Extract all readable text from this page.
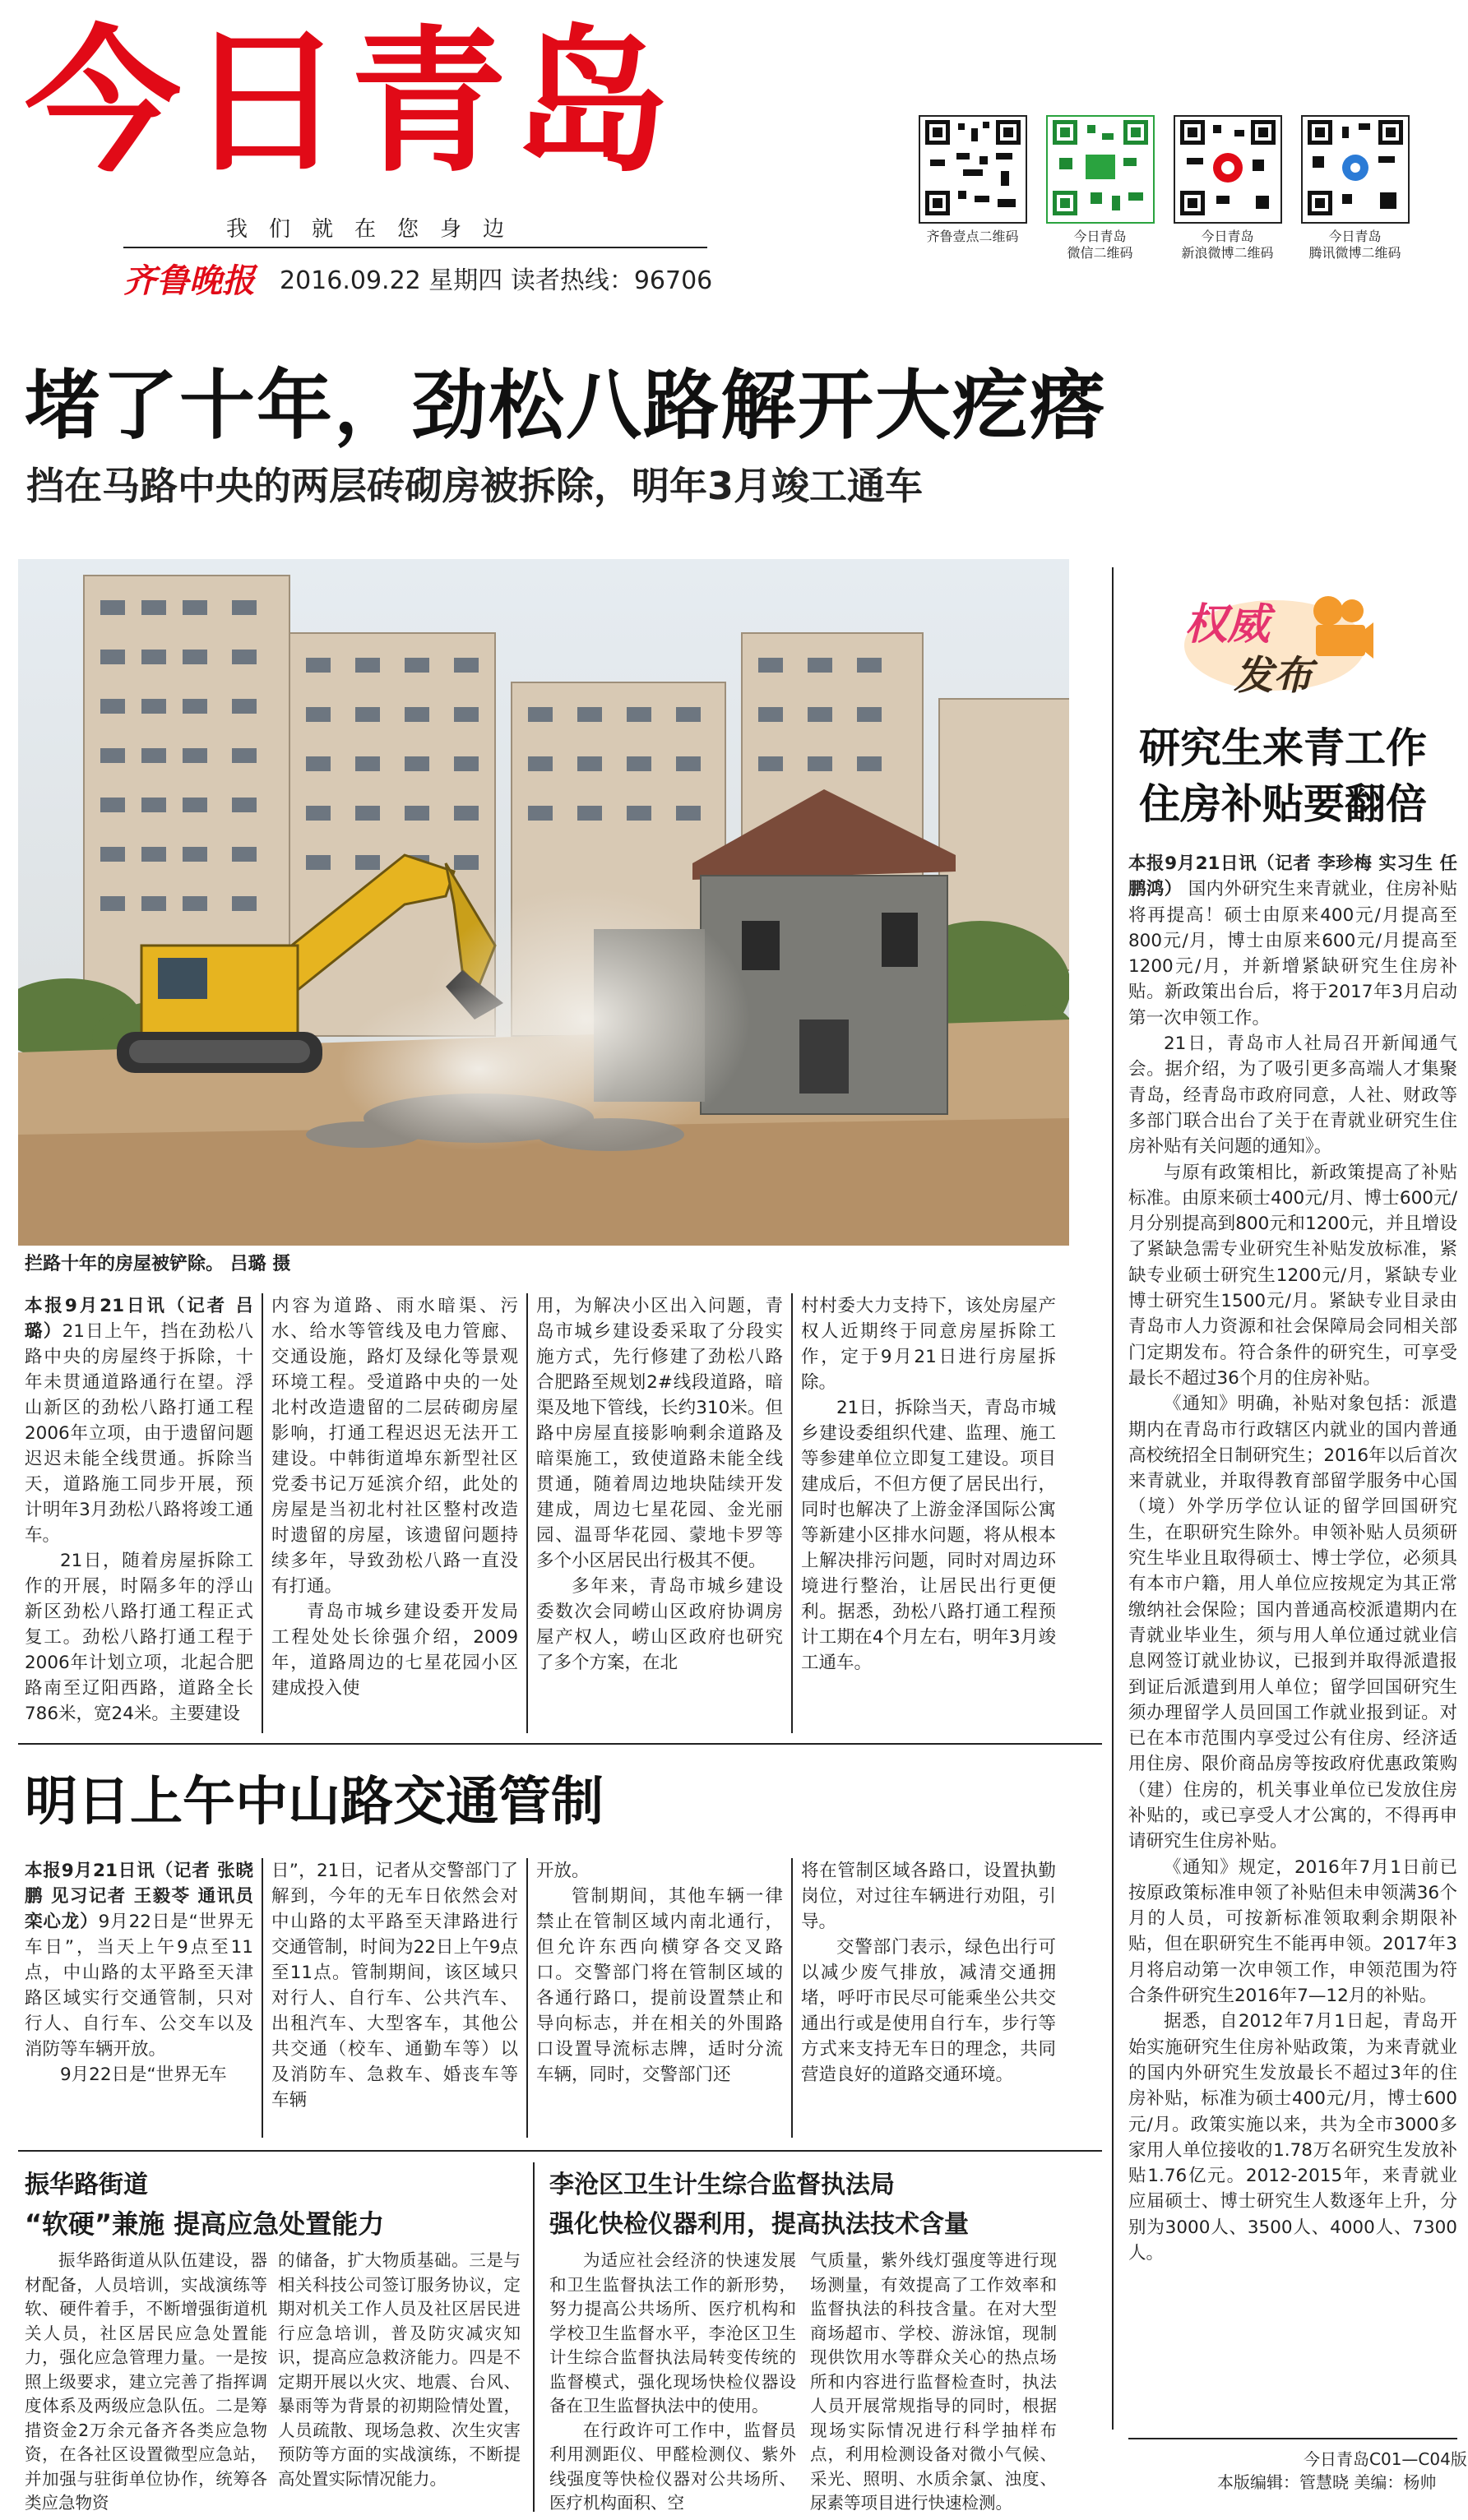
今日青岛
我们就在您身边
齐鲁晚报 2016.09.22 星期四 读者热线：96706
齐鲁壹点二维码	今日青岛
微信二维码
今日青岛
新浪微博二维码
今日青岛
腾讯微博二维码
堵了十年，劲松八路解开大疙瘩
挡在马路中央的两层砖砌房被拆除，明年3月竣工通车
拦路十年的房屋被铲除。 吕璐 摄

本报9月21日讯（记者 吕璐）21日上午，挡在劲松八路中央的房屋终于拆除，十年未贯通道路通行在望。浮山新区的劲松八路打通工程2006年立项，由于遗留问题迟迟未能全线贯通。拆除当天，道路施工同步开展，预计明年3月劲松八路将竣工通车。

21日，随着房屋拆除工作的开展，时隔多年的浮山新区劲松八路打通工程正式复工。劲松八路打通工程于2006年计划立项，北起合肥路南至辽阳西路，道路全长786米，宽24米。主要建设

内容为道路、雨水暗渠、污水、给水等管线及电力管廊、交通设施，路灯及绿化等景观环境工程。受道路中央的一处北村改造遗留的二层砖砌房屋影响，打通工程迟迟无法开工建设。中韩街道埠东新型社区党委书记万延滨介绍，此处的房屋是当初北村社区整村改造时遗留的房屋，该遗留问题持续多年，导致劲松八路一直没有打通。

青岛市城乡建设委开发局工程处处长徐强介绍，2009年，道路周边的七星花园小区建成投入使

用，为解决小区出入问题，青岛市城乡建设委采取了分段实施方式，先行修建了劲松八路合肥路至规划2#线段道路，暗渠及地下管线，长约310米。但路中房屋直接影响剩余道路及暗渠施工，致使道路未能全线贯通，随着周边地块陆续开发建成，周边七星花园、金光丽园、温哥华花园、蒙地卡罗等多个小区居民出行极其不便。

多年来，青岛市城乡建设委数次会同崂山区政府协调房屋产权人，崂山区政府也研究了多个方案，在北

村村委大力支持下，该处房屋产权人近期终于同意房屋拆除工作，定于9月21日进行房屋拆除。

21日，拆除当天，青岛市城乡建设委组织代建、监理、施工等参建单位立即复工建设。项目建成后，不但方便了居民出行，同时也解决了上游金泽国际公寓等新建小区排水问题，将从根本上解决排污问题，同时对周边环境进行整治，让居民出行更便利。据悉，劲松八路打通工程预计工期在4个月左右，明年3月竣工通车。

明日上午中山路交通管制

本报9月21日讯（记者 张晓鹏 见习记者 王毅苓 通讯员 栾心龙）9月22日是“世界无车日”，当天上午9点至11点，中山路的太平路至天津路区域实行交通管制，只对行人、自行车、公交车以及消防等车辆开放。

9月22日是“世界无车

日”，21日，记者从交警部门了解到，今年的无车日依然会对中山路的太平路至天津路进行交通管制，时间为22日上午9点至11点。管制期间，该区域只对行人、自行车、公共汽车、出租汽车、大型客车，其他公共交通（校车、通勤车等）以及消防车、急救车、婚丧车等车辆

开放。

管制期间，其他车辆一律禁止在管制区域内南北通行，但允许东西向横穿各交叉路口。交警部门将在管制区域的各通行路口，提前设置禁止和导向标志，并在相关的外围路口设置导流标志牌，适时分流车辆，同时，交警部门还

将在管制区域各路口，设置执勤岗位，对过往车辆进行劝阻，引导。

交警部门表示，绿色出行可以减少废气排放，减清交通拥堵，呼吁市民尽可能乘坐公共交通出行或是使用自行车，步行等方式来支持无车日的理念，共同营造良好的道路交通环境。

振华路街道
“软硬”兼施 提高应急处置能力

振华路街道从队伍建设，器材配备，人员培训，实战演练等软、硬件着手，不断增强街道机关人员，社区居民应急处置能力，强化应急管理力量。一是按照上级要求，建立完善了指挥调度体系及两级应急队伍。二是筹措资金2万余元备齐各类应急物资，在各社区设置微型应急站，并加强与驻街单位协作，统筹各类应急物资

的储备，扩大物质基础。三是与相关科技公司签订服务协议，定期对机关工作人员及社区居民进行应急培训，普及防灾减灾知识，提高应急救济能力。四是不定期开展以火灾、地震、台风、暴雨等为背景的初期险情处置，人员疏散、现场急救、次生灾害预防等方面的实战演练，不断提高处置实际情况能力。

李沧区卫生计生综合监督执法局
强化快检仪器利用，提高执法技术含量

为适应社会经济的快速发展和卫生监督执法工作的新形势，努力提高公共场所、医疗机构和学校卫生监督水平，李沧区卫生计生综合监督执法局转变传统的监督模式，强化现场快检仪器设备在卫生监督执法中的使用。

在行政许可工作中，监督员利用测距仪、甲醛检测仪、紫外线强度等快检仪器对公共场所、医疗机构面积、空

气质量，紫外线灯强度等进行现场测量，有效提高了工作效率和监督执法的科技含量。在对大型商场超市、学校、游泳馆，现制现供饮用水等群众关心的热点场所和内容进行监督检查时，执法人员开展常规指导的同时，根据现场实际情况进行科学抽样布点，利用检测设备对微小气候、采光、照明、水质余氯、浊度、尿素等项目进行快速检测。

权威
发布
研究生来青工作
住房补贴要翻倍

本报9月21日讯（记者 李珍梅 实习生 任鹏鸿） 国内外研究生来青就业，住房补贴将再提高！硕士由原来400元/月提高至800元/月，博士由原来600元/月提高至1200元/月，并新增紧缺研究生住房补贴。新政策出台后，将于2017年3月启动第一次申领工作。

21日，青岛市人社局召开新闻通气会。据介绍，为了吸引更多高端人才集聚青岛，经青岛市政府同意，人社、财政等多部门联合出台了关于在青就业研究生住房补贴有关问题的通知》。

与原有政策相比，新政策提高了补贴标准。由原来硕士400元/月、博士600元/月分别提高到800元和1200元，并且增设了紧缺急需专业研究生补贴发放标准，紧缺专业硕士研究生1200元/月，紧缺专业博士研究生1500元/月。紧缺专业目录由青岛市人力资源和社会保障局会同相关部门定期发布。符合条件的研究生，可享受最长不超过36个月的住房补贴。

《通知》明确，补贴对象包括：派遣期内在青岛市行政辖区内就业的国内普通高校统招全日制研究生；2016年以后首次来青就业，并取得教育部留学服务中心国（境）外学历学位认证的留学回国研究生，在职研究生除外。申领补贴人员须研究生毕业且取得硕士、博士学位，必须具有本市户籍，用人单位应按规定为其正常缴纳社会保险；国内普通高校派遣期内在青就业毕业生，须与用人单位通过就业信息网签订就业协议，已报到并取得派遣报到证后派遣到用人单位；留学回国研究生须办理留学人员回国工作就业报到证。对已在本市范围内享受过公有住房、经济适用住房、限价商品房等按政府优惠政策购（建）住房的，机关事业单位已发放住房补贴的，或已享受人才公寓的，不得再申请研究生住房补贴。

《通知》规定，2016年7月1日前已按原政策标准申领了补贴但未申领满36个月的人员，可按新标准领取剩余期限补贴，但在职研究生不能再申领。2017年3月将启动第一次申领工作，申领范围为符合条件研究生2016年7—12月的补贴。

据悉，自2012年7月1日起，青岛开始实施研究生住房补贴政策，为来青就业的国内外研究生发放最长不超过3年的住房补贴，标准为硕士400元/月，博士600元/月。政策实施以来，共为全市3000多家用人单位接收的1.78万名研究生发放补贴1.76亿元。2012-2015年，来青就业应届硕士、博士研究生人数逐年上升，分别为3000人、3500人、4000人、7300人。

今日青岛C01—C04版
本版编辑：管慧晓 美编：杨帅
